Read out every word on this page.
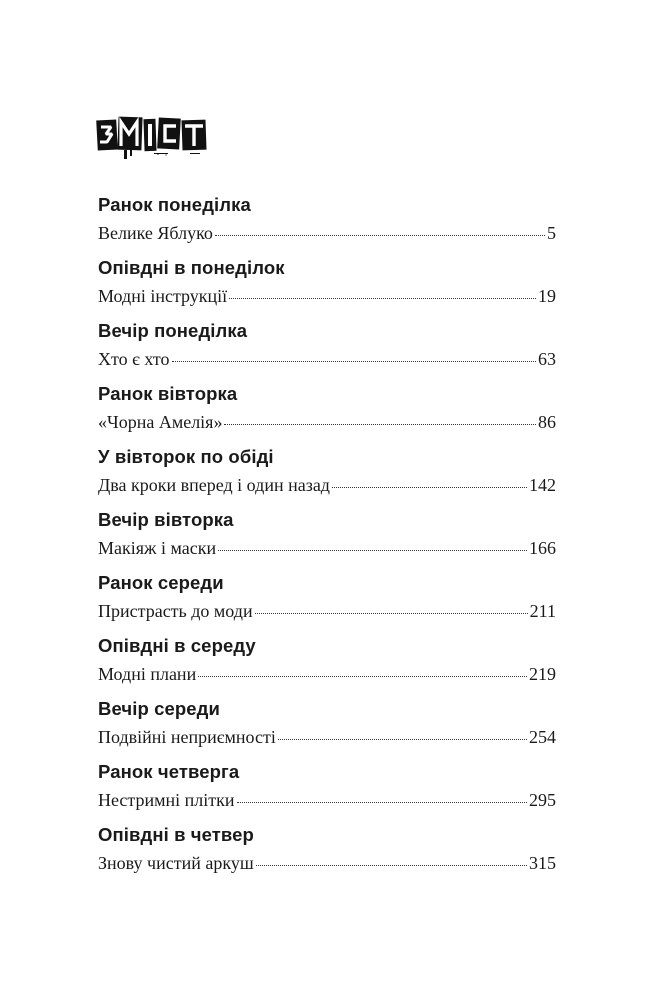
Ранок понеділка
Велике Яблуко	5
Опівдні в понеділок
Модні інструкції	19
Вечір понеділка
Хто є хто	63
Ранок вівторка
«Чорна Амелія»	86
У вівторок по обіді
Два кроки вперед і один назад	142
Вечір вівторка
Макіяж і маски	166
Ранок середи
Пристрасть до моди	211
Опівдні в середу
Модні плани	219
Вечір середи
Подвійні неприємності	254
Ранок четверга
Нестримні плітки	295
Опівдні в четвер
Знову чистий аркуш	315
